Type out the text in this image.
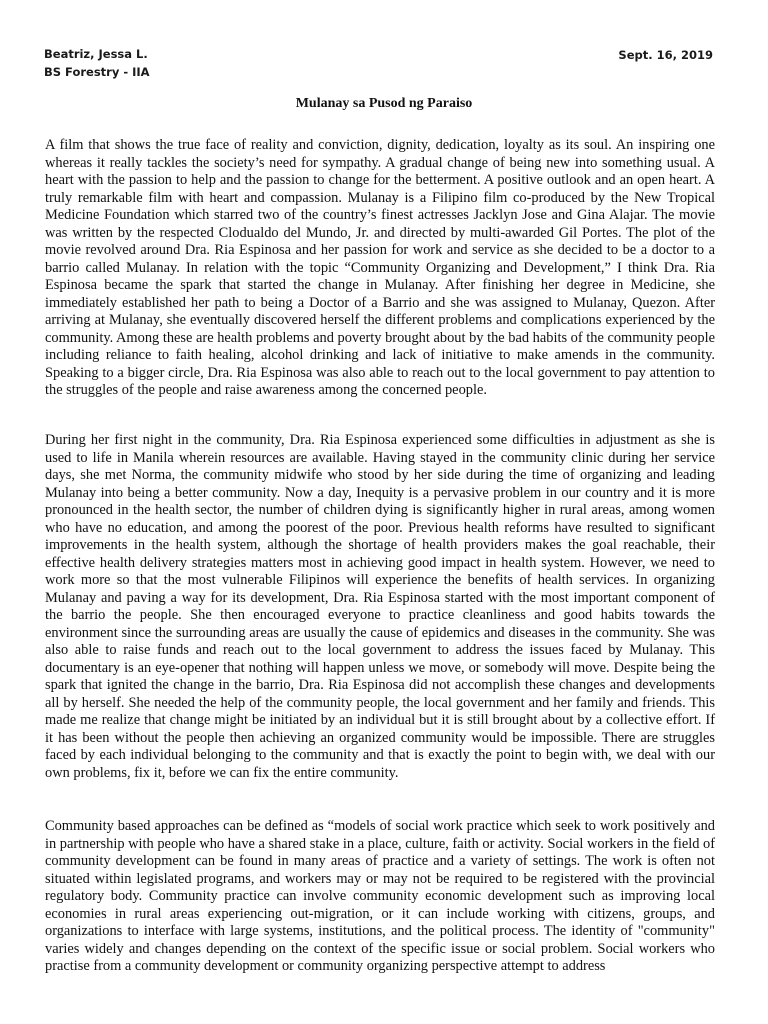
Beatriz, Jessa L.
BS Forestry - IIA
Sept. 16, 2019
Mulanay sa Pusod ng Paraiso

A film that shows the true face of reality and conviction, dignity, dedication, loyalty as its soul. An inspiring one whereas it really tackles the society’s need for sympathy. A gradual change of being new into something usual. A heart with the passion to help and the passion to change for the betterment. A positive outlook and an open heart. A truly remarkable film with heart and compassion. Mulanay is a Filipino film co-produced by the New Tropical Medicine Foundation which starred two of the country’s finest actresses Jacklyn Jose and Gina Alajar. The movie was written by the respected Clodualdo del Mundo, Jr. and directed by multi-awarded Gil Portes. The plot of the movie revolved around Dra. Ria Espinosa and her passion for work and service as she decided to be a doctor to a barrio called Mulanay. In relation with the topic “Community Organizing and Development,” I think Dra. Ria Espinosa became the spark that started the change in Mulanay. After finishing her degree in Medicine, she immediately established her path to being a Doctor of a Barrio and she was assigned to Mulanay, Quezon. After arriving at Mulanay, she eventually discovered herself the different problems and complications experienced by the community. Among these are health problems and poverty brought about by the bad habits of the community people including reliance to faith healing, alcohol drinking and lack of initiative to make amends in the community. Speaking to a bigger circle, Dra. Ria Espinosa was also able to reach out to the local government to pay attention to the struggles of the people and raise awareness among the concerned people.

During her first night in the community, Dra. Ria Espinosa experienced some difficulties in adjustment as she is used to life in Manila wherein resources are available. Having stayed in the community clinic during her service days, she met Norma, the community midwife who stood by her side during the time of organizing and leading Mulanay into being a better community. Now a day, Inequity is a pervasive problem in our country and it is more pronounced in the health sector, the number of children dying is significantly higher in rural areas, among women who have no education, and among the poorest of the poor. Previous health reforms have resulted to significant improvements in the health system, although the shortage of health providers makes the goal reachable, their effective health delivery strategies matters most in achieving good impact in health system. However, we need to work more so that the most vulnerable Filipinos will experience the benefits of health services. In organizing Mulanay and paving a way for its development, Dra. Ria Espinosa started with the most important component of the barrio the people. She then encouraged everyone to practice cleanliness and good habits towards the environment since the surrounding areas are usually the cause of epidemics and diseases in the community. She was also able to raise funds and reach out to the local government to address the issues faced by Mulanay. This documentary is an eye-opener that nothing will happen unless we move, or somebody will move. Despite being the spark that ignited the change in the barrio, Dra. Ria Espinosa did not accomplish these changes and developments all by herself. She needed the help of the community people, the local government and her family and friends. This made me realize that change might be initiated by an individual but it is still brought about by a collective effort. If it has been without the people then achieving an organized community would be impossible. There are struggles faced by each individual belonging to the community and that is exactly the point to begin with, we deal with our own problems, fix it, before we can fix the entire community.

Community based approaches can be defined as “models of social work practice which seek to work positively and in partnership with people who have a shared stake in a place, culture, faith or activity. Social workers in the field of community development can be found in many areas of practice and a variety of settings. The work is often not situated within legislated programs, and workers may or may not be required to be registered with the provincial regulatory body. Community practice can involve community economic development such as improving local economies in rural areas experiencing out-migration, or it can include working with citizens, groups, and organizations to interface with large systems, institutions, and the political process. The identity of "community" varies widely and changes depending on the context of the specific issue or social problem. Social workers who practise from a community development or community organizing perspective attempt to address
